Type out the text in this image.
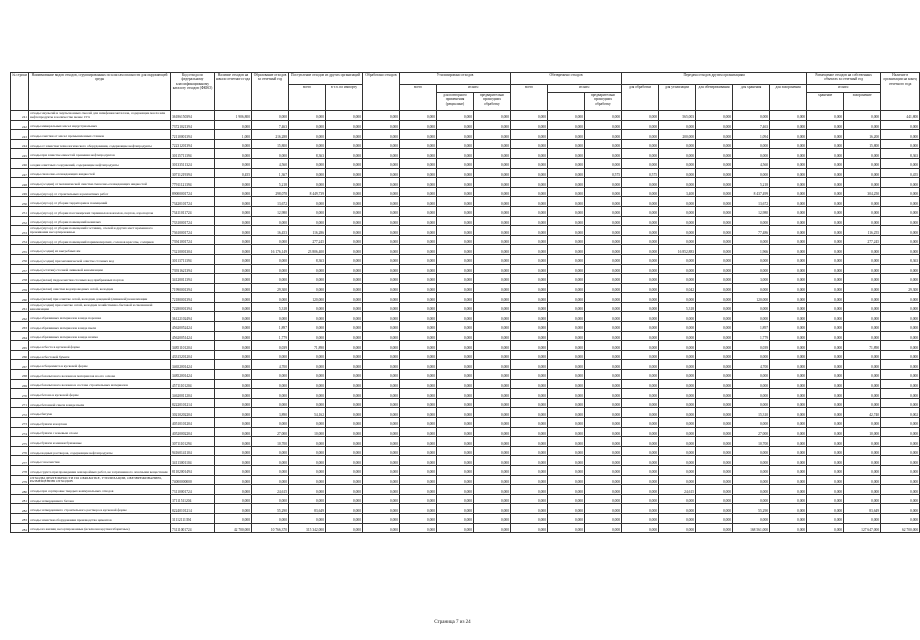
№ строки	Наименование видов отходов, сгруппированных по классам опасности для окружающей среды	Код отхода по федеральному классификационному каталогу отходов (ФККО)	Наличие отходов на начало отчетного года	Образование отходов за отчетный год	Поступление отходов из других организаций		Обработано отходов	Утилизировано отходов			Обезврежено отходов			Передача отходов другим организациям					Размещение отходов на собственных объектах за отчетный год		Наличие в организации на конец отчетного года
					всего	в т.ч. по импорту		всего	из них:		всего	из них:		для обработки	для утилизации	для обезвреживания	для хранения	для захоронения	из них:		
									для повторного применения (рециклинг)	предварительно прошедших обработку			предварительно прошедших обработку						хранение	захоронение	
241	отходы эмульсий и эмульсионных смесей для шлифовки металлов, содержащие масла или нефтепродукты в количестве менее 15%	36186150394	1 906,800	0,000	0,000	0,000	0,000	0,000	0,000	0,000	0,000	0,000	0,000	0,000	565,003	0,000	0,000	0,000	0,000	0,000	441,800
242	отходы минеральных масел индустриальных	73721021394	0,000	7,463	0,000	0,000	0,000	0,000	0,000	0,000	0,000	0,000	0,000	0,000	0,000	0,000	7,463	0,000	0,000	0,000	0,000
243	отходы очистки от масел промышленных станков	72110001394	1,000	216,288	0,000	0,000	0,000	0,000	0,000	0,000	0,000	0,000	0,000	0,000	200,000	0,000	1,094	0,000	0,000	16,200	0,000
244	отходы от зачистки технологического оборудования, содержащие нефтепродукты	72231201394	0,000	15,800	0,000	0,000	0,000	0,000	0,000	0,000	0,000	0,000	0,000	0,000	0,000	0,000	0,000	0,000	0,000	15,800	0,000
245	отходы при зачистке емкостей хранения нефтепродуктов	30115711394	0,000	0,000	8,363	0,000	0,000	0,000	0,000	0,000	0,000	0,000	0,000	0,000	0,000	0,000	0,000	0,000	0,000	0,000	8,363
246	осадки очистных сооружений, содержащие нефтепродукты	30133511324	0,000	4,560	0,000	0,000	0,000	0,000	0,000	0,000	0,000	0,000	0,000	0,000	0,000	0,000	4,560	0,000	0,000	0,000	0,000
247	отходы смазочно-охлаждающих жидкостей	30711219394	0,455	1,367	0,000	0,000	0,000	0,000	0,000	0,000	0,000	0,000	0,575	0,575	0,000	0,000	0,000	0,000	0,000	0,000	0,455
248	отходы (осадки) от механической очистки смазочно-охлаждающих жидкостей	77911121394	0,000	5,218	0,000	0,000	0,000	0,000	0,000	0,000	0,000	0,000	0,000	0,000	0,000	0,000	5,218	0,000	0,000	0,000	0,000
249	отходы (мусор) от строительных и ремонтных работ	89000001724	0,000	298,078	8 449,739	0,000	0,000	0,000	0,000	0,000	0,000	0,000	0,000	0,000	3,400	0,000	8 437,499	0,000	0,000	304,250	0,000
250	отходы (мусор) от уборки территории и помещений	73420101724	0,000	13,672	0,000	0,000	0,000	0,000	0,000	0,000	0,000	0,000	0,000	0,000	0,000	0,000	13,672	0,000	0,000	0,000	0,000
251	отходы (мусор) от уборки пассажирских терминалов вокзалов, портов, аэропортов	73411011724	0,000	12,980	0,000	0,000	0,000	0,000	0,000	0,000	0,000	0,000	0,000	0,000	0,000	0,000	12,980	0,000	0,000	0,000	0,000
252	отходы (мусор) от уборки помещений нежилых	73310001724	0,000	0,000	0,000	0,000	0,000	0,000	0,000	0,000	0,000	0,000	0,000	0,000	0,000	0,000	0,000	0,000	0,000	0,000	0,000
253	отходы (мусор) от уборки помещений гостиниц, отелей и других мест временного проживания несортированные	73610001724	0,000	16,453	116,286	0,000	0,000	0,000	0,000	0,000	0,000	0,000	0,000	0,000	0,000	0,000	77,486	0,000	0,000	116,255	0,000
254	отходы (мусор) от уборки помещений парикмахерских, салонов красоты, соляриев	73941001724	0,000	0,000	277,245	0,000	0,000	0,000	0,000	0,000	0,000	0,000	0,000	0,000	0,000	0,000	0,000	0,000	0,000	277,245	0,000
255	отходы (осадки) из выгребных ям	73210001304	0,000	16 176,149	23 806,400	0,000	0,000	0,000	0,000	0,000	0,000	0,000	0,000	0,000	16 852,883	0,000	1,966	0,000	0,000	0,000	0,000
256	отходы (осадки) при механической очистке сточных вод	30113711394	0,000	0,000	8,363	0,000	0,000	0,000	0,000	0,000	0,000	0,000	0,000	0,000	0,000	0,000	0,000	0,000	0,000	0,000	8,363
257	отходы (остатки) сточной ливневой канализации	73931621394	0,000	0,000	0,000	0,000	0,000	0,000	0,000	0,000	0,000	0,000	0,000	0,000	0,000	0,000	0,000	0,000	0,000	0,000	0,000
258	отходы (шлам) гидроочистки сточных вод прибрежных портов	34120011394	0,000	0,000	0,000	0,000	0,000	0,000	0,000	0,000	0,000	0,000	0,000	0,000	0,000	0,000	3,000	0,000	0,000	0,000	0,000
259	отходы (шлам) очистки водопроводных сетей, колодцев	71990001394	0,000	29,300	0,000	0,000	0,000	0,000	0,000	0,000	0,000	0,000	0,000	0,000	0,042	0,000	0,000	0,000	0,000	0,000	29,300
260	отходы (шлам) при очистке сетей, колодцев дождевой (ливневой) канализации	72180001394	0,000	0,000	120,000	0,000	0,000	0,000	0,000	0,000	0,000	0,000	0,000	0,000	0,000	0,000	120,000	0,000	0,000	0,000	0,000
261	отходы (осадки) при очистке сетей, колодцев хозяйственно-бытовой и смешанной канализации	72280001394	0,000	5,318	0,000	0,000	0,000	0,000	0,000	0,000	0,000	0,000	0,000	0,000	5,318	0,000	0,000	0,000	0,000	0,000	0,000
262	отходы абразивных материалов в виде порошка	36122102494	0,000	0,000	0,000	0,000	0,000	0,000	0,000	0,000	0,000	0,000	0,000	0,000	0,000	0,000	0,000	0,000	0,000	0,000	0,000
263	отходы абразивных материалов в виде пыли	45620052424	0,000	1,897	0,000	0,000	0,000	0,000	0,000	0,000	0,000	0,000	0,000	0,000	0,000	0,000	1,897	0,000	0,000	0,000	0,000
264	отходы абразивных материалов в виде шлама	45620051424	0,000	1,779	0,000	0,000	0,000	0,000	0,000	0,000	0,000	0,000	0,000	0,000	0,000	0,000	1,779	0,000	0,000	0,000	0,000
265	отходы асбеста в кусковой форме	34851101204	0,000	0,039	71,890	0,000	0,000	0,000	0,000	0,000	0,000	0,000	0,000	0,000	0,000	0,000	0,039	0,000	0,000	71,890	0,000
266	отходы асбестовой бумаги	43315201204	0,000	0,000	0,000	0,000	0,000	0,000	0,000	0,000	0,000	0,000	0,000	0,000	0,000	0,000	0,000	0,000	0,000	0,000	0,000
267	отходы асбоцемента в кусковой форме	34652001424	0,000	4,700	0,000	0,000	0,000	0,000	0,000	0,000	0,000	0,000	0,000	0,000	0,000	0,000	4,700	0,000	0,000	0,000	0,000
268	отходы базальтового волокна и материалов на его основе	34852001424	0,000	0,000	0,000	0,000	0,000	0,000	0,000	0,000	0,000	0,000	0,000	0,000	0,000	0,000	0,000	0,000	0,000	0,000	0,000
269	отходы базальтового волокна в составе строительных материалов	45711101204	0,000	0,000	0,000	0,000	0,000	0,000	0,000	0,000	0,000	0,000	0,000	0,000	0,000	0,000	0,000	0,000	0,000	0,000	0,000
270	отходы бетона в кусковой форме	34620011204	0,000	0,000	0,000	0,000	0,000	0,000	0,000	0,000	0,000	0,000	0,000	0,000	0,000	0,000	0,000	0,000	0,000	0,000	0,000
271	отходы бетонной смеси в виде пыли	82220101214	0,000	0,000	0,000	0,000	0,000	0,000	0,000	0,000	0,000	0,000	0,000	0,000	0,000	0,000	0,000	0,000	0,000	0,000	0,000
272	отходы битума	30210202204	0,000	3,890	54,162	0,000	0,000	0,000	0,000	0,000	0,000	0,000	0,000	0,000	0,000	0,000	15,310	0,000	0,000	42,740	0,002
273	отходы бумаги и картона	40510101204	0,000	0,000	0,000	0,000	0,000	0,000	0,000	0,000	0,000	0,000	0,000	0,000	0,000	0,000	0,000	0,000	0,000	0,000	0,000
274	отходы бумаги с клеевым слоем	40520002204	0,000	27,000	10,000	0,000	0,000	0,000	0,000	0,000	0,000	0,000	0,000	0,000	0,000	0,000	27,000	0,000	0,000	10,000	0,000
275	отходы бумаги и мешки бумажные	30711101294	0,000	10,700	0,000	0,000	0,000	0,000	0,000	0,000	0,000	0,000	0,000	0,000	0,000	0,000	10,700	0,000	0,000	0,000	0,000
276	отходы водных растворов, содержащие нефтепродукты	94160141104	0,000	0,000	0,000	0,000	0,000	0,000	0,000	0,000	0,000	0,000	0,000	0,000	0,000	0,000	0,000	0,000	0,000	0,000	0,000
277	отходы газоочистки	34113001104	0,000	0,000	0,000	0,000	0,000	0,000	0,000	0,000	0,000	0,000	0,000	0,000	0,000	0,000	0,000	0,000	0,000	0,000	0,000
278	отходы грунта при проведении землеройных работ, не загрязненного опасными веществами	81102001494	0,000	0,000	0,000	0,000	0,000	0,000	0,000	0,000	0,000	0,000	0,000	0,000	0,000	0,000	0,000	0,000	0,000	0,000	0,000
279	ОТХОДЫ ДЕЯТЕЛЬНОСТИ ПО ОБРАБОТКЕ, УТИЛИЗАЦИИ, ОБЕЗВРЕЖИВАНИЮ, РАЗМЕЩЕНИЮ ОТХОДОВ	74000000000	0,000	0,000	0,000	0,000	0,000	0,000	0,000	0,000	0,000	0,000	0,000	0,000	0,000	0,000	0,000	0,000	0,000	0,000	0,000
280	отходы при сортировке твердых коммунальных отходов	73110001724	0,000	24,615	0,000	0,000	0,000	0,000	0,000	0,000	0,000	0,000	0,000	0,000	24,615	0,000	0,000	0,000	0,000	0,000	0,000
281	отходы затвердевшего бетона	37111511204	0,000	0,000	0,000	0,000	0,000	0,000	0,000	0,000	0,000	0,000	0,000	0,000	0,000	0,000	0,000	0,000	0,000	0,000	0,000
282	отходы затвердевшего строительного раствора в кусковой форме	82240101214	0,000	55,290	83,649	0,000	0,000	0,000	0,000	0,000	0,000	0,000	0,000	0,000	0,000	0,000	55,290	0,000	0,000	83,649	0,000
283	отходы зачистки оборудования производства цементов	31112111394	0,000	0,000	0,000	0,000	0,000	0,000	0,000	0,000	0,000	0,000	0,000	0,000	0,000	0,000	0,000	0,000	0,000	0,000	0,000
284	отходы из жилищ несортированные (исключая крупногабаритные)	73111001724	42 700,000	10 766,370	315 342,000	0,000	0,000	0,000	0,000	0,000	0,000	0,000	0,000	0,000	0,000	0,000	168 561,000	0,000	0,000	127 647,000	62 700,000
Страница 7 из 24
